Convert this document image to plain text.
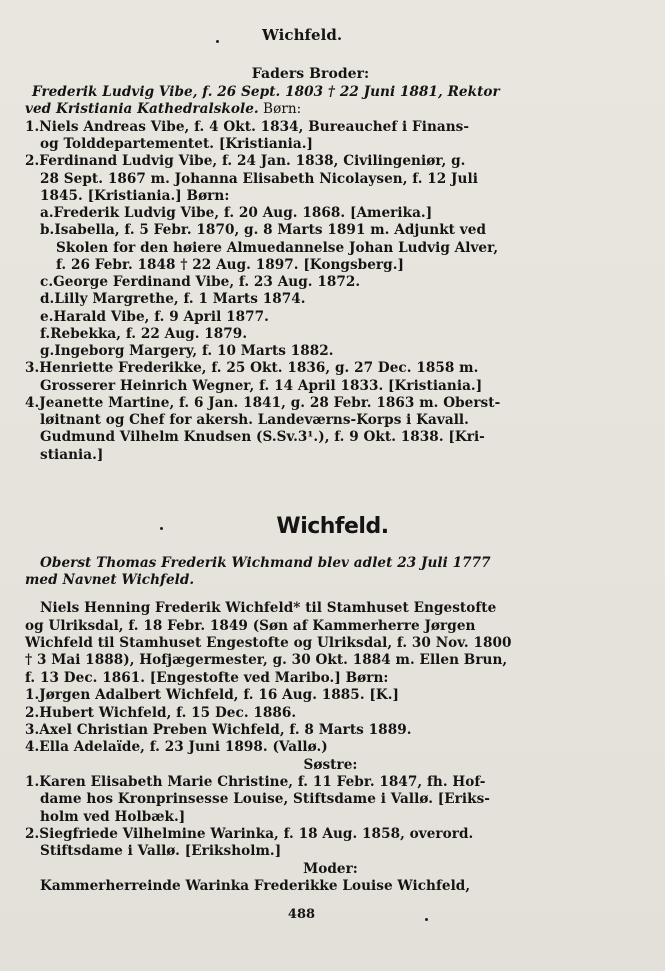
Wichfeld.
Faders Broder:
Frederik Ludvig Vibe, f. 26 Sept. 1803 † 22 Juni 1881, Rektor
ved Kristiania Kathedralskole. Børn:
1.Niels Andreas Vibe, f. 4 Okt. 1834, Bureauchef i Finans-
og Tolddepartementet. [Kristiania.]
2.Ferdinand Ludvig Vibe, f. 24 Jan. 1838, Civilingeniør, g.
28 Sept. 1867 m. Johanna Elisabeth Nicolaysen, f. 12 Juli
1845. [Kristiania.] Børn:
a.Frederik Ludvig Vibe, f. 20 Aug. 1868. [Amerika.]
b.Isabella, f. 5 Febr. 1870, g. 8 Marts 1891 m. Adjunkt ved
Skolen for den høiere Almuedannelse Johan Ludvig Alver,
f. 26 Febr. 1848 † 22 Aug. 1897. [Kongsberg.]
c.George Ferdinand Vibe, f. 23 Aug. 1872.
d.Lilly Margrethe, f. 1 Marts 1874.
e.Harald Vibe, f. 9 April 1877.
f.Rebekka, f. 22 Aug. 1879.
g.Ingeborg Margery, f. 10 Marts 1882.
3.Henriette Frederikke, f. 25 Okt. 1836, g. 27 Dec. 1858 m.
Grosserer Heinrich Wegner, f. 14 April 1833. [Kristiania.]
4.Jeanette Martine, f. 6 Jan. 1841, g. 28 Febr. 1863 m. Oberst-
løitnant og Chef for akersh. Landeværns-Korps i Kavall.
Gudmund Vilhelm Knudsen (S.Sv.3¹.), f. 9 Okt. 1838. [Kri-
stiania.]
Wichfeld.
Oberst Thomas Frederik Wichmand blev adlet 23 Juli 1777
med Navnet Wichfeld.
Niels Henning Frederik Wichfeld* til Stamhuset Engestofte
og Ulriksdal, f. 18 Febr. 1849 (Søn af Kammerherre Jørgen
Wichfeld til Stamhuset Engestofte og Ulriksdal, f. 30 Nov. 1800
† 3 Mai 1888), Hofjægermester, g. 30 Okt. 1884 m. Ellen Brun,
f. 13 Dec. 1861. [Engestofte ved Maribo.] Børn:
1.Jørgen Adalbert Wichfeld, f. 16 Aug. 1885. [K.]
2.Hubert Wichfeld, f. 15 Dec. 1886.
3.Axel Christian Preben Wichfeld, f. 8 Marts 1889.
4.Ella Adelaïde, f. 23 Juni 1898. (Vallø.)
Søstre:
1.Karen Elisabeth Marie Christine, f. 11 Febr. 1847, fh. Hof-
dame hos Kronprinsesse Louise, Stiftsdame i Vallø. [Eriks-
holm ved Holbæk.]
2.Siegfriede Vilhelmine Warinka, f. 18 Aug. 1858, overord.
Stiftsdame i Vallø. [Eriksholm.]
Moder:
Kammerherreinde Warinka Frederikke Louise Wichfeld,
488
